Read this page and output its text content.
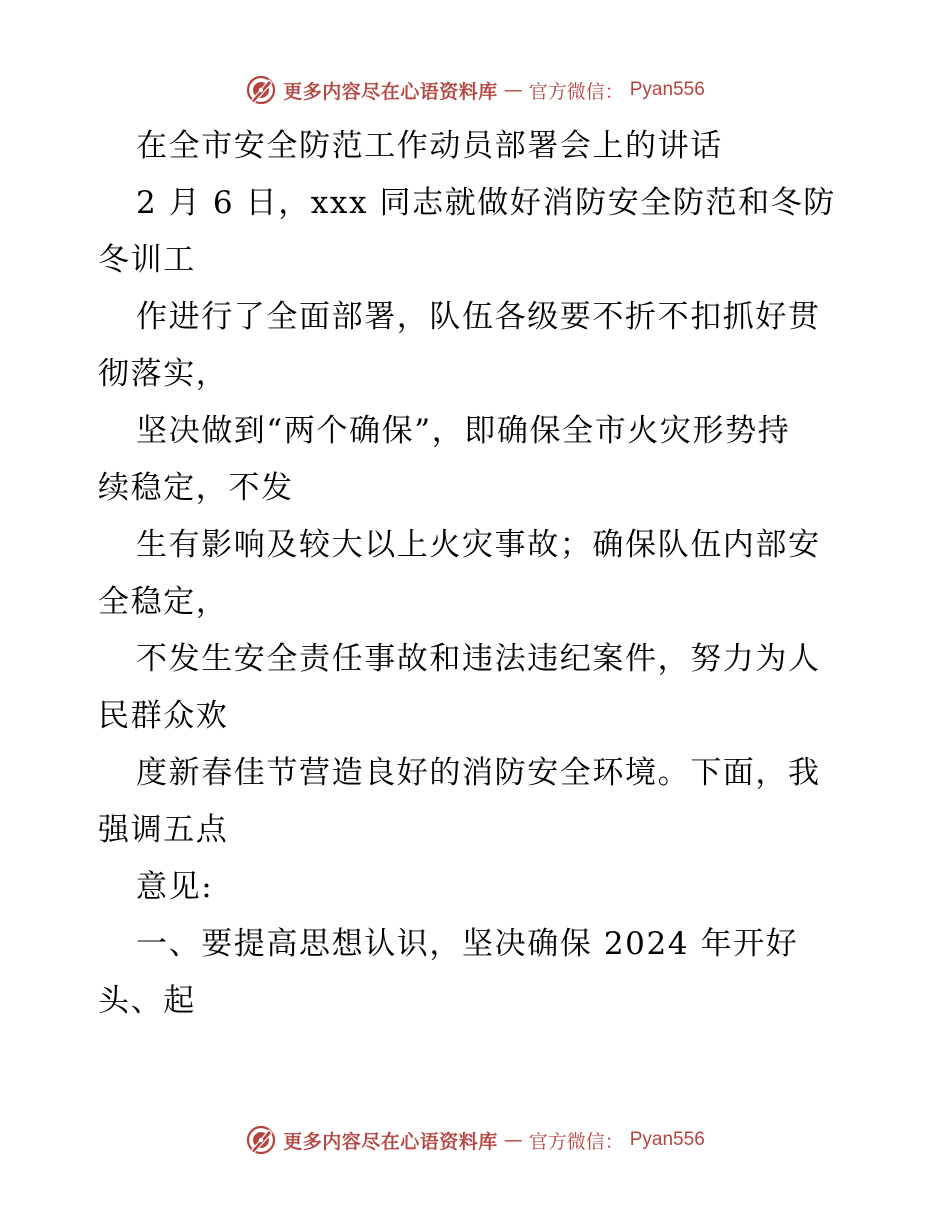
更多内容尽在心语资料库 — 官方微信： Pyan556
在全市安全防范工作动员部署会上的讲话
2 月 6 日，xxx 同志就做好消防安全防范和冬防
冬训工
作进行了全面部署，队伍各级要不折不扣抓好贯
彻落实，
坚决做到“两个确保”，即确保全市火灾形势持
续稳定，不发
生有影响及较大以上火灾事故；确保队伍内部安
全稳定，
不发生安全责任事故和违法违纪案件，努力为人
民群众欢
度新春佳节营造良好的消防安全环境。下面，我
强调五点
意见:
一、要提高思想认识，坚决确保 2024 年开好
头、起
更多内容尽在心语资料库 — 官方微信： Pyan556
